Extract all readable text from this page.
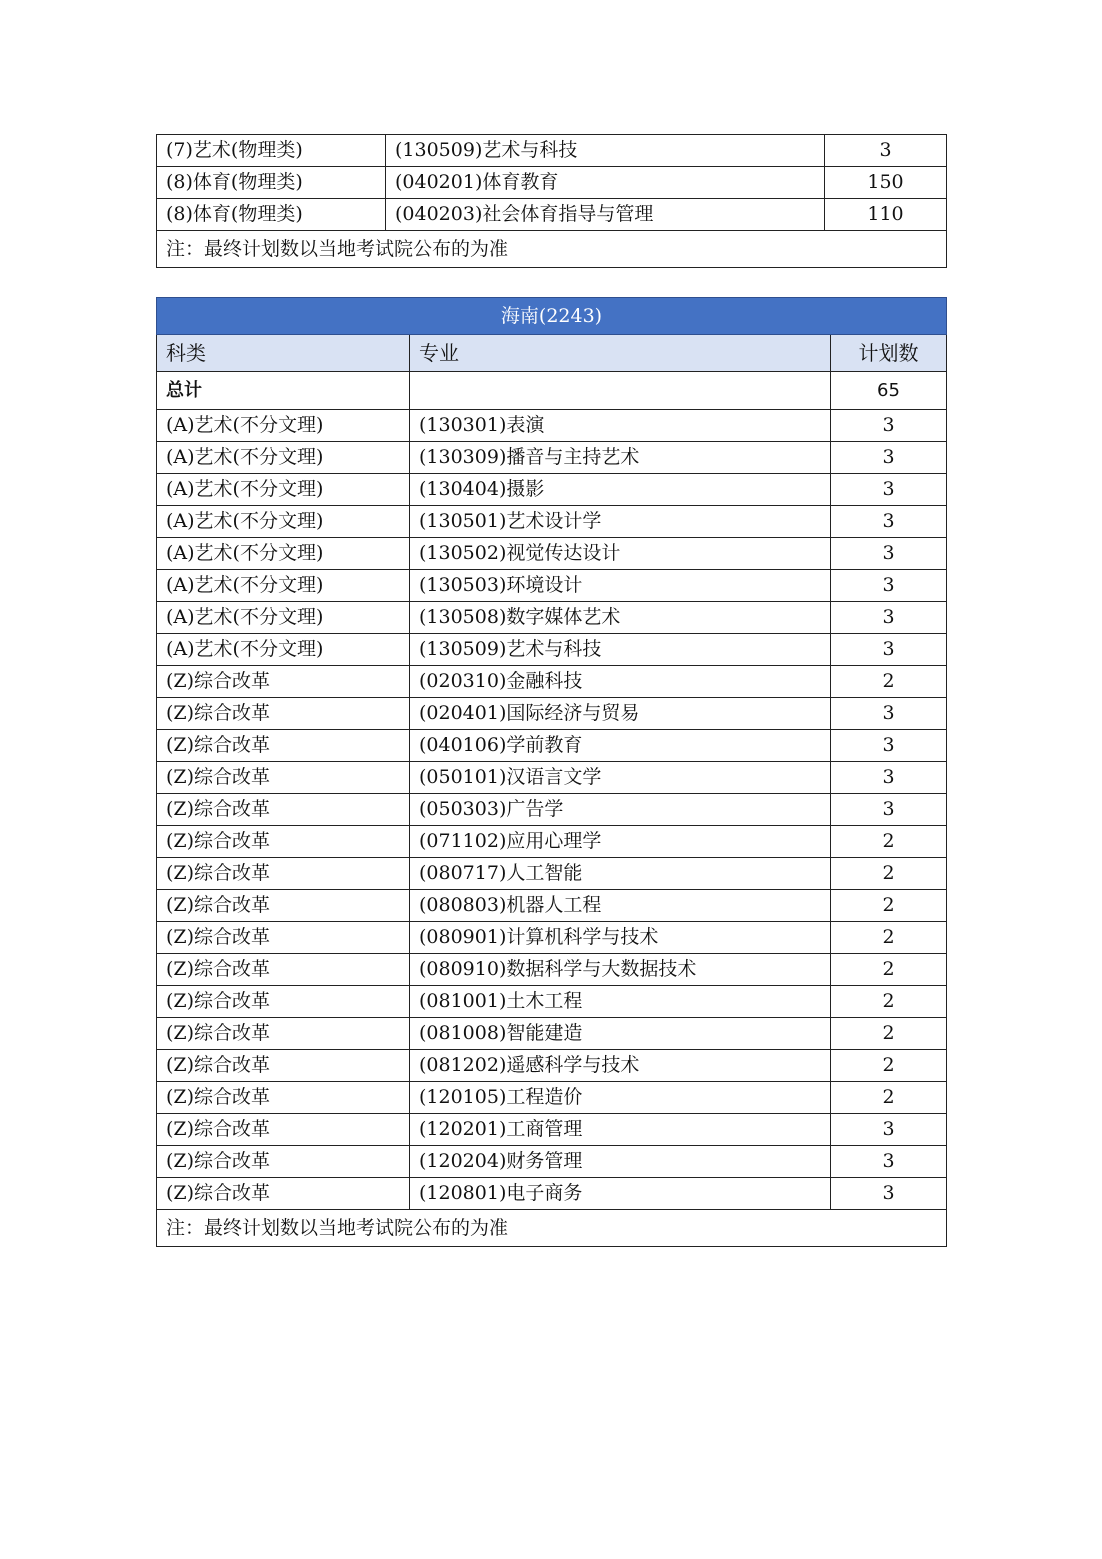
(7)艺术(物理类)	(130509)艺术与科技	3
(8)体育(物理类)	(040201)体育教育	150
(8)体育(物理类)	(040203)社会体育指导与管理	110
注：最终计划数以当地考试院公布的为准		
海南(2243)		
科类	专业	计划数
总计		65
(A)艺术(不分文理)	(130301)表演	3
(A)艺术(不分文理)	(130309)播音与主持艺术	3
(A)艺术(不分文理)	(130404)摄影	3
(A)艺术(不分文理)	(130501)艺术设计学	3
(A)艺术(不分文理)	(130502)视觉传达设计	3
(A)艺术(不分文理)	(130503)环境设计	3
(A)艺术(不分文理)	(130508)数字媒体艺术	3
(A)艺术(不分文理)	(130509)艺术与科技	3
(Z)综合改革	(020310)金融科技	2
(Z)综合改革	(020401)国际经济与贸易	3
(Z)综合改革	(040106)学前教育	3
(Z)综合改革	(050101)汉语言文学	3
(Z)综合改革	(050303)广告学	3
(Z)综合改革	(071102)应用心理学	2
(Z)综合改革	(080717)人工智能	2
(Z)综合改革	(080803)机器人工程	2
(Z)综合改革	(080901)计算机科学与技术	2
(Z)综合改革	(080910)数据科学与大数据技术	2
(Z)综合改革	(081001)土木工程	2
(Z)综合改革	(081008)智能建造	2
(Z)综合改革	(081202)遥感科学与技术	2
(Z)综合改革	(120105)工程造价	2
(Z)综合改革	(120201)工商管理	3
(Z)综合改革	(120204)财务管理	3
(Z)综合改革	(120801)电子商务	3
注：最终计划数以当地考试院公布的为准		
